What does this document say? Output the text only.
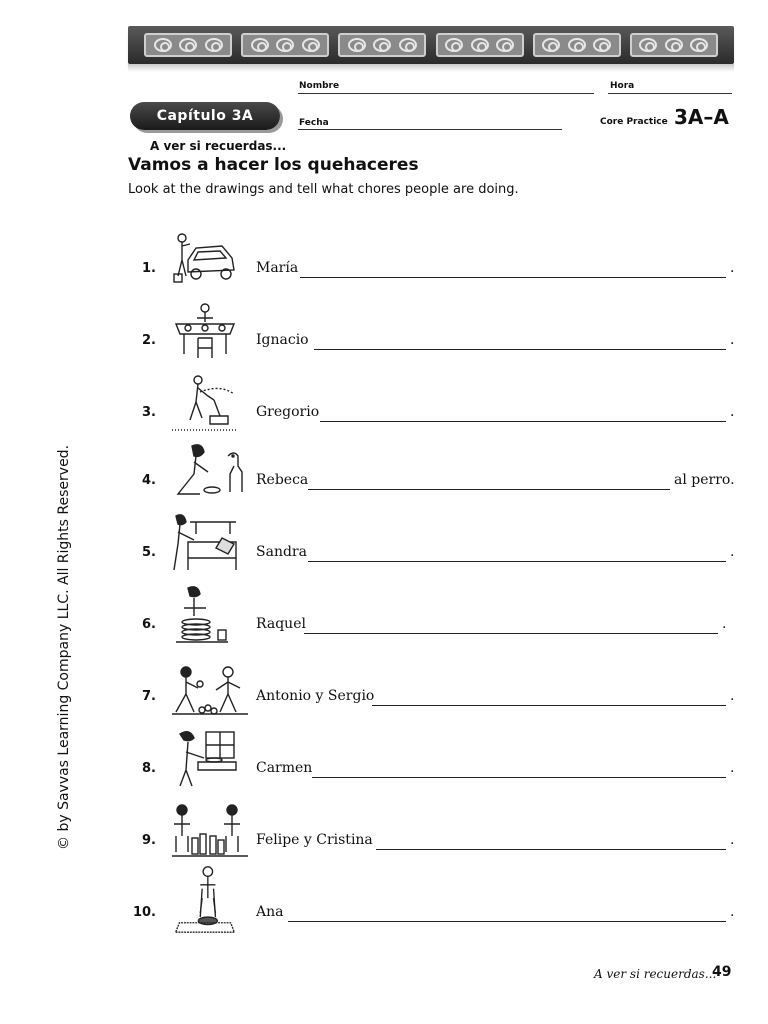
Nombre	Hora
Capítulo 3A	Fecha	Core Practice 3A–A
A ver si recuerdas...
Vamos a hacer los quehaceres
Look at the drawings and tell what chores people are doing.
1.	María	.
2.	Ignacio	.
3.	Gregorio	.
4.	Rebeca	al perro.
5.	Sandra	.
6.	Raquel	.
7.	Antonio y Sergio	.
8.	Carmen	.
9.	Felipe y Cristina	.
10.	Ana	.
© by Savvas Learning Company LLC. All Rights Reserved.
A ver si recuerdas...
49
